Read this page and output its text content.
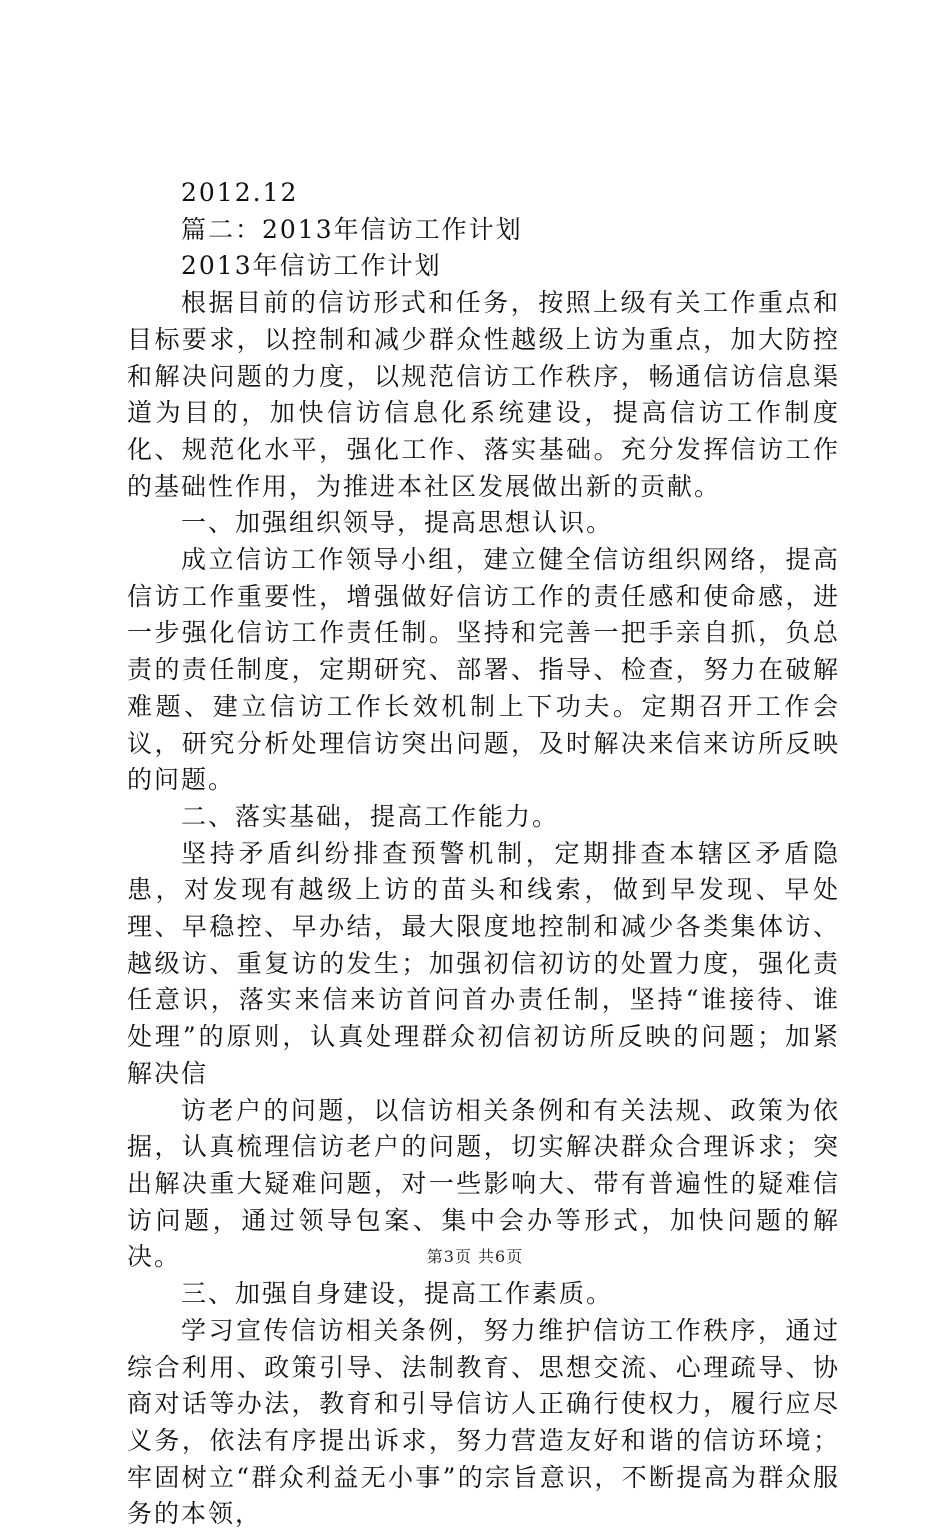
2012.12

篇二：2013年信访工作计划

2013年信访工作计划

根据目前的信访形式和任务，按照上级有关工作重点和目标要求，以控制和减少群众性越级上访为重点，加大防控和解决问题的力度，以规范信访工作秩序，畅通信访信息渠道为目的，加快信访信息化系统建设，提高信访工作制度化、规范化水平，强化工作、落实基础。充分发挥信访工作的基础性作用，为推进本社区发展做出新的贡献。

一、加强组织领导，提高思想认识。

成立信访工作领导小组，建立健全信访组织网络，提高信访工作重要性，增强做好信访工作的责任感和使命感，进一步强化信访工作责任制。坚持和完善一把手亲自抓，负总责的责任制度，定期研究、部署、指导、检查，努力在破解难题、建立信访工作长效机制上下功夫。定期召开工作会议，研究分析处理信访突出问题，及时解决来信来访所反映的问题。

二、落实基础，提高工作能力。

坚持矛盾纠纷排查预警机制，定期排查本辖区矛盾隐患，对发现有越级上访的苗头和线索，做到早发现、早处理、早稳控、早办结，最大限度地控制和减少各类集体访、越级访、重复访的发生；加强初信初访的处置力度，强化责任意识，落实来信来访首问首办责任制，坚持“谁接待、谁处理”的原则，认真处理群众初信初访所反映的问题；加紧解决信

访老户的问题，以信访相关条例和有关法规、政策为依据，认真梳理信访老户的问题，切实解决群众合理诉求；突出解决重大疑难问题，对一些影响大、带有普遍性的疑难信访问题，通过领导包案、集中会办等形式，加快问题的解决。

三、加强自身建设，提高工作素质。

学习宣传信访相关条例，努力维护信访工作秩序，通过综合利用、政策引导、法制教育、思想交流、心理疏导、协商对话等办法，教育和引导信访人正确行使权力，履行应尽义务，依法有序提出诉求，努力营造友好和谐的信访环境；牢固树立“群众利益无小事”的宗旨意识，不断提高为群众服务的本领，

第3页 共6页
